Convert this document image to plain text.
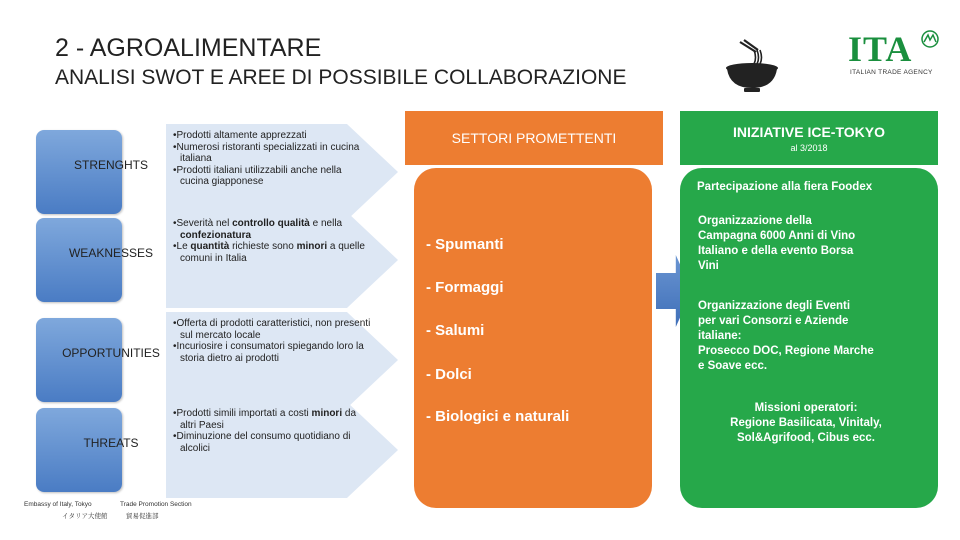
2 - AGROALIMENTARE
ANALISI SWOT E AREE DI POSSIBILE COLLABORAZIONE
ITA
ITALIAN TRADE AGENCY
STRENGHTS
•Prodotti altamente apprezzati
•Numerosi ristoranti specializzati in cucina italiana
•Prodotti italiani utilizzabili anche nella cucina giapponese
WEAKNESSES
•Severità nel controllo qualità e nella confezionatura
•Le quantità richieste sono minori a quelle comuni in Italia
OPPORTUNITIES
•Offerta di prodotti caratteristici, non presenti sul mercato locale
•Incuriosire i consumatori spiegando loro la storia dietro ai prodotti
THREATS
•Prodotti simili importati a costi minori da altri Paesi
•Diminuzione del consumo quotidiano di alcolici
SETTORI PROMETTENTI
- Spumanti
- Formaggi
- Salumi
- Dolci
- Biologici e naturali
INIZIATIVE ICE-TOKYO
al 3/2018
Partecipazione alla fiera Foodex
Organizzazione della
Campagna 6000 Anni di Vino
Italiano e della evento Borsa
Vini
Organizzazione degli Eventi
per vari Consorzi e Aziende
italiane:
Prosecco DOC, Regione Marche
e Soave ecc.
Missioni operatori:
Regione Basilicata, Vinitaly,
Sol&Agrifood, Cibus ecc.
Embassy of Italy, Tokyo
イタリア大使館
Trade Promotion Section
貿易促進部
